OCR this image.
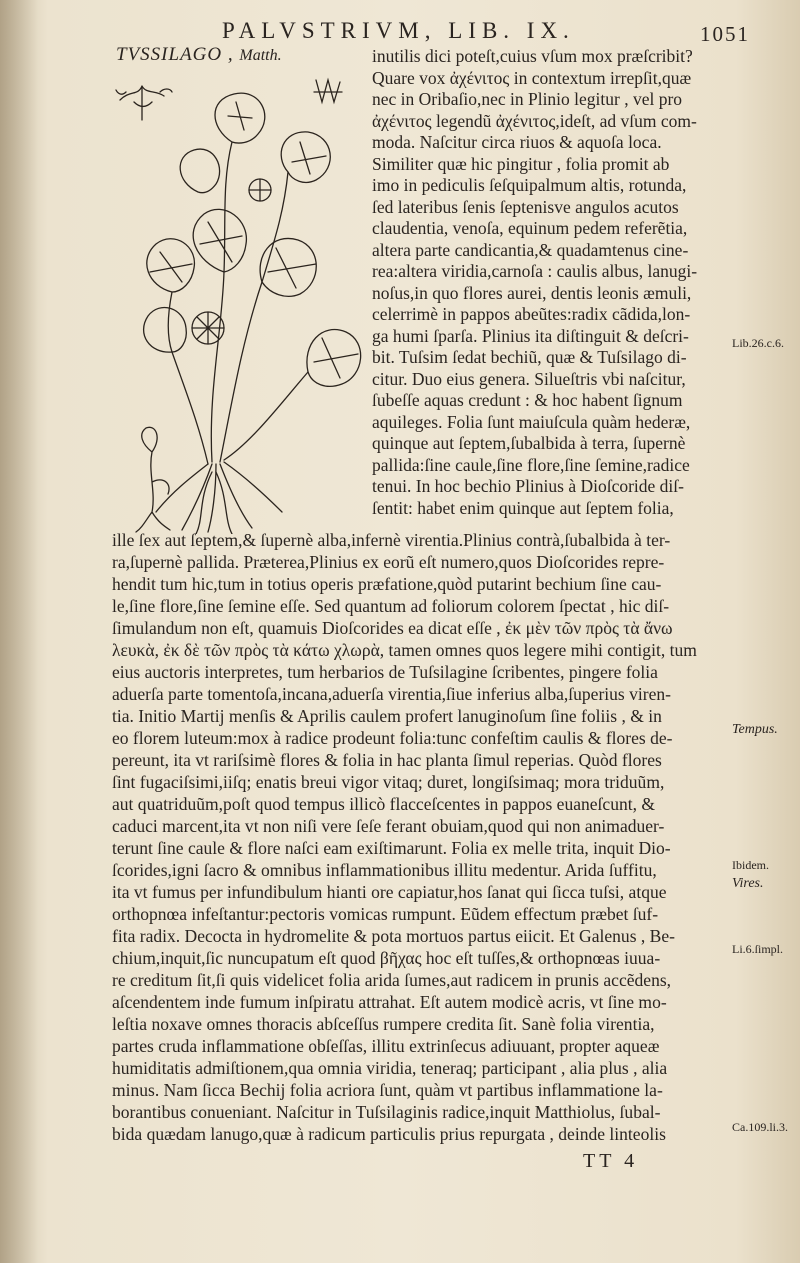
PALVSTRIVM, LIB. IX.	1051
TVSSILAGO , Matth.	inutilis dici poteſt,cuius vſum mox præſcribit?
Quare vox ἀχένιτος in contextum irrepſit,quæ
nec in Oribaſio,nec in Plinio legitur , vel pro
ἀχένιτος legendũ ἀχένιτος,ideſt, ad vſum com-
moda. Naſcitur circa riuos & aquoſa loca.
Similiter quæ hic pingitur , folia promit ab
imo in pediculis ſeſquipalmum altis, rotunda,
ſed lateribus ſenis ſeptenisve angulos acutos
claudentia, venoſa, equinum pedem referẽtia,
altera parte candicantia,& quadamtenus cine-
rea:altera viridia,carnoſa : caulis albus, lanugi-
noſus,in quo flores aurei, dentis leonis æmuli,
celerrimè in pappos abeũtes:radix cãdida,lon-
ga humi ſparſa. Plinius ita diſtinguit & deſcri-
bit. Tuſsim ſedat bechiũ, quæ & Tuſsilago di-
citur. Duo eius genera. Silueſtris vbi naſcitur,
ſubeſſe aquas credunt : & hoc habent ſignum
aquileges. Folia ſunt maiuſcula quàm hederæ,
quinque aut ſeptem,ſubalbida à terra, ſupernè
pallida:ſine caule,ſine flore,ſine ſemine,radice
tenui. In hoc bechio Plinius à Dioſcoride diſ-
ſentit: habet enim quinque aut ſeptem folia,
ille ſex aut ſeptem,& ſupernè alba,infernè virentia.Plinius contrà,ſubalbida à ter-
ra,ſupernè pallida. Præterea,Plinius ex eorũ eſt numero,quos Dioſcorides repre-
hendit tum hic,tum in totius operis præfatione,quòd putarint bechium ſine cau-
le,ſine flore,ſine ſemine eſſe. Sed quantum ad foliorum colorem ſpectat , hic diſ-
ſimulandum non eſt, quamuis Dioſcorides ea dicat eſſe , ἐκ μὲν τῶν πρὸς τὰ ἄνω
λευκὰ, ἐκ δὲ τῶν πρὸς τὰ κάτω χλωρὰ, tamen omnes quos legere mihi contigit, tum
eius auctoris interpretes, tum herbarios de Tuſsilagine ſcribentes, pingere folia
aduerſa parte tomentoſa,incana,aduerſa virentia,ſiue inferius alba,ſuperius viren-
tia. Initio Martij menſis & Aprilis caulem profert lanuginoſum ſine foliis , & in
eo florem luteum:mox à radice prodeunt folia:tunc confeſtim caulis & flores de-
pereunt, ita vt rariſsimè flores & folia in hac planta ſimul reperias. Quòd flores
ſint fugaciſsimi,iiſq; enatis breui vigor vitaq; duret, longiſsimaq; mora triduũm,
aut quatriduũm,poſt quod tempus illicò flacceſcentes in pappos euaneſcunt, &
caduci marcent,ita vt non niſi vere ſeſe ferant obuiam,quod qui non animaduer-
terunt ſine caule & flore naſci eam exiſtimarunt. Folia ex melle trita, inquit Dio-
ſcorides,igni ſacro & omnibus inflammationibus illitu medentur. Arida ſuffitu,
ita vt fumus per infundibulum hianti ore capiatur,hos ſanat qui ſicca tuſsi, atque
orthopnœa infeſtantur:pectoris vomicas rumpunt. Eũdem effectum præbet ſuf-
fita radix. Decocta in hydromelite & pota mortuos partus eiicit. Et Galenus , Be-
chium,inquit,ſic nuncupatum eſt quod βῆχας hoc eſt tuſſes,& orthopnœas iuua-
re creditum ſit,ſi quis videlicet folia arida ſumes,aut radicem in prunis accẽdens,
aſcendentem inde fumum inſpiratu attrahat. Eſt autem modicè acris, vt ſine mo-
leſtia noxave omnes thoracis abſceſſus rumpere credita ſit. Sanè folia virentia,
partes cruda inflammatione obſeſſas, illitu extrinſecus adiuuant, propter aqueæ
humiditatis admiſtionem,qua omnia viridia, teneraq; participant , alia plus , alia
minus. Nam ſicca Bechij folia acriora ſunt, quàm vt partibus inflammatione la-
borantibus conueniant. Naſcitur in Tuſsilaginis radice,inquit Matthiolus, ſubal-
bida quædam lanugo,quæ à radicum particulis prius repurgata , deinde linteolis
Lib.26.c.6.
Tempus.
Ibidem.
Vires.
Li.6.ſimpl.
Ca.109.li.3.
TT 4
